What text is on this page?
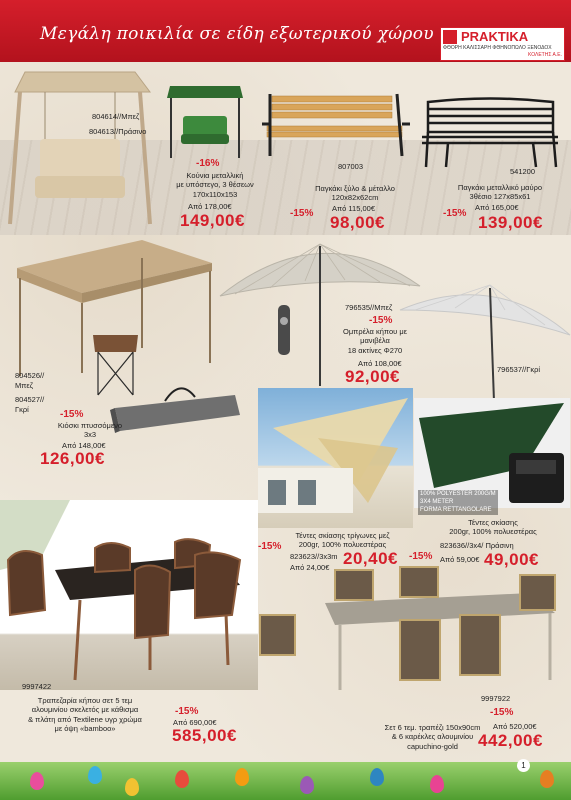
Μεγάλη ποικιλία σε είδη εξωτερικού χώρου PRAKTIKA
ΦΘΟΡΗ ΚΑΛΙΣΣΑΡΗ ΦΘΗΝΟΠΩΛΟ ΞΕΝΟΔΟΧ
ΚΟΛΕΤΗΣ Α.Ε.
804614//Μπεζ
804613//Πράσινο
-16%
Κούνια μεταλλική
με υπόστεγο, 3 θέσεων
170x110x153
Από 178,00€
149,00€
807003
Παγκάκι ξύλο & μέταλλο
120x82x62cm
Από 115,00€
-15% 98,00€
541200
Παγκάκι μεταλλικό μαύρο
3θέσιο 127x85x61
Από 165,00€
-15% 139,00€
804526//
Μπεζ
804527//
Γκρί	-15%
Κιόσκι πτυσσόμενο
3x3
Από 148,00€
126,00€
796535//Μπεζ
-15%
Ομπρέλα κήπου με
μανιβέλα
18 ακτίνες Φ270
Από 108,00€
92,00€	796537//Γκρί
100% POLYESTER 200G/M
3X4 METER
FORMA RETTANGOLARE
Τέντες σκίασης τρίγωνες μεζ
200gr, 100% πολυεστέρας
-15%
823623//3x3m
Από 24,00€ 20,40€
Τέντες σκίασης
200gr, 100% πολυεστέρας
823636//3x4/ Πράσινη
-15% Από 59,00€ 49,00€
9997422
Τραπεζαρία κήπου σετ 5 τεμ
αλουμινίου σκελετός με κάθισμα
& πλάτη από Textilene υγρ χρώμα
με όψη «bamboo»
-15%
Από 690,00€
585,00€
9997922
-15%
Σετ 6 τεμ. τραπέζι 150x90cm
& 6 καρέκλες αλουμινίου
capuchino-gold
Από 520,00€
442,00€
1
